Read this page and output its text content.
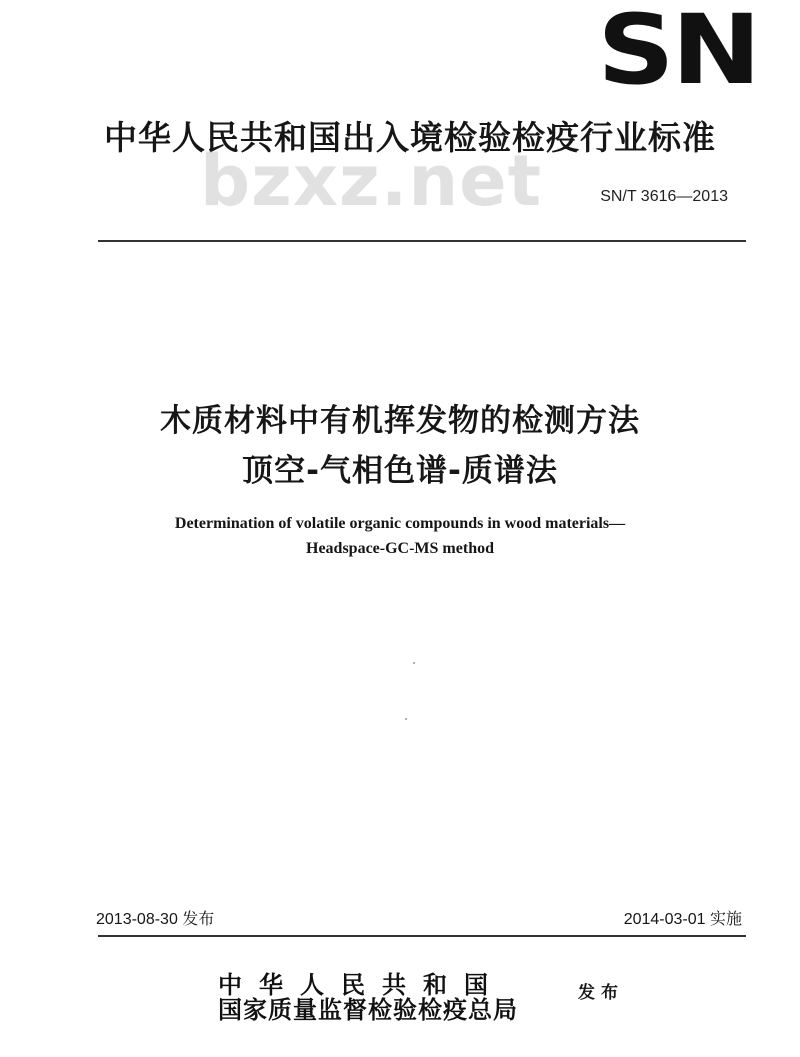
SN
中华人民共和国出入境检验检疫行业标准
bzxz.net	SN/T 3616—2013
木质材料中有机挥发物的检测方法
顶空-气相色谱-质谱法
Determination of volatile organic compounds in wood materials—
Headspace-GC-MS method
2013-08-30 发布	2014-03-01 实施
中华人民共和国
国家质量监督检验检疫总局
发布
